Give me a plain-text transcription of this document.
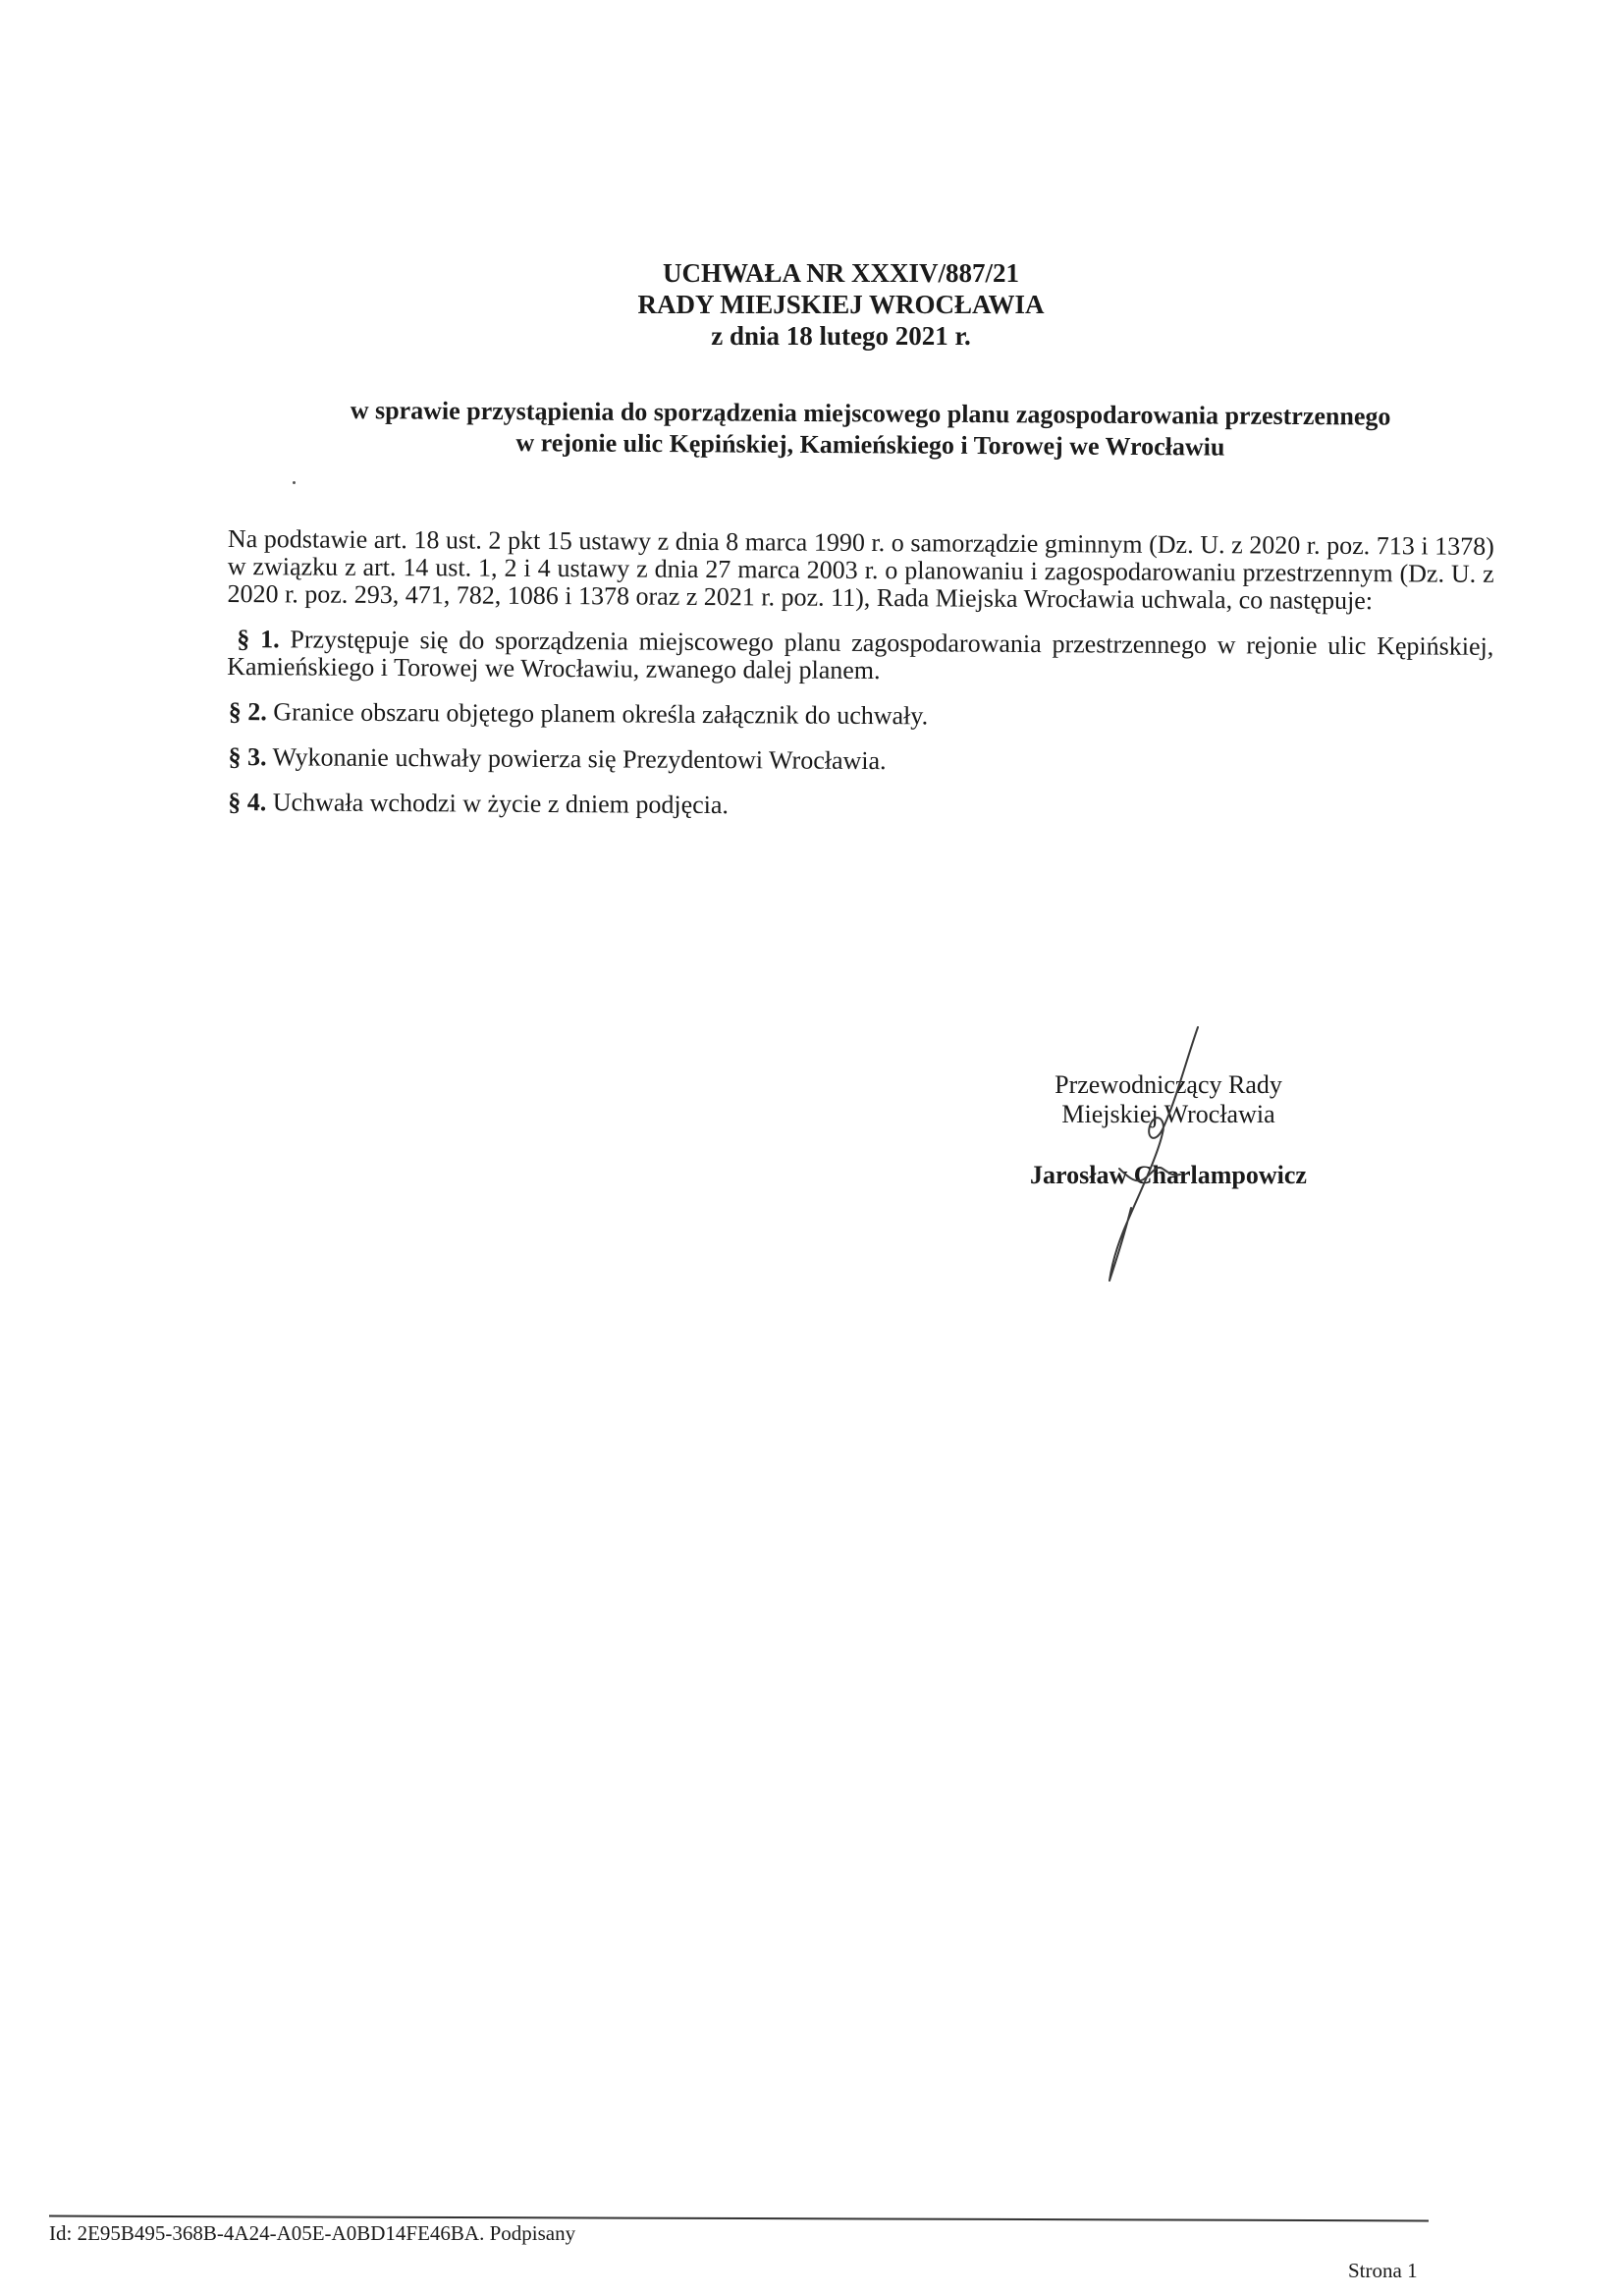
UCHWAŁA NR XXXIV/887/21
RADY MIEJSKIEJ WROCŁAWIA
z dnia 18 lutego 2021 r.
w sprawie przystąpienia do sporządzenia miejscowego planu zagospodarowania przestrzennego
w rejonie ulic Kępińskiej, Kamieńskiego i Torowej we Wrocławiu

Na podstawie art. 18 ust. 2 pkt 15 ustawy z dnia 8 marca 1990 r. o samorządzie gminnym (Dz. U. z 2020 r. poz. 713 i 1378) w związku z art. 14 ust. 1, 2 i 4 ustawy z dnia 27 marca 2003 r. o planowaniu i zagospodarowaniu przestrzennym (Dz. U. z 2020 r. poz. 293, 471, 782, 1086 i 1378 oraz z 2021 r. poz. 11), Rada Miejska Wrocławia uchwala, co następuje:

§ 1. Przystępuje się do sporządzenia miejscowego planu zagospodarowania przestrzennego w rejonie ulic Kępińskiej, Kamieńskiego i Torowej we Wrocławiu, zwanego dalej planem.

§ 2. Granice obszaru objętego planem określa załącznik do uchwały.

§ 3. Wykonanie uchwały powierza się Prezydentowi Wrocławia.

§ 4. Uchwała wchodzi w życie z dniem podjęcia.

Przewodniczący Rady
Miejskiej Wrocławia
Jarosław Charlampowicz
Id: 2E95B495-368B-4A24-A05E-A0BD14FE46BA. Podpisany
Strona 1
